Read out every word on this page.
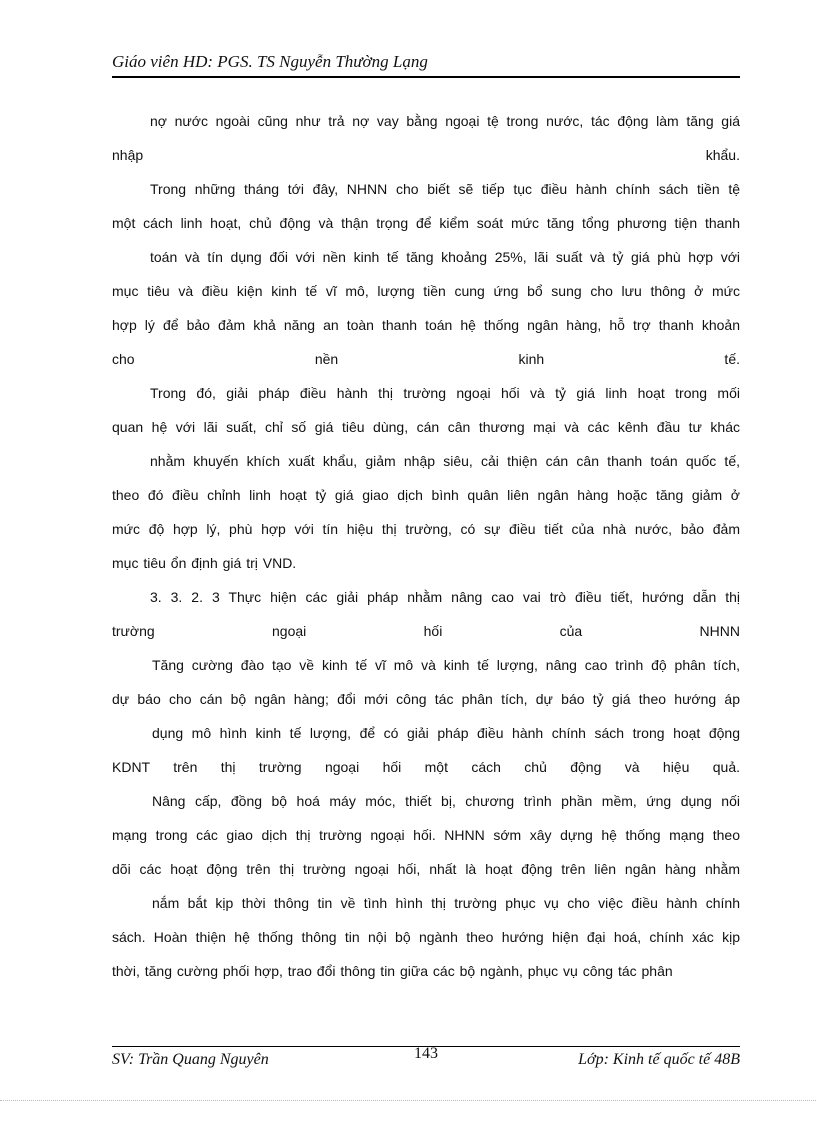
Giáo viên HD: PGS. TS Nguyễn Thường Lạng

nợ nước ngoài cũng như trả nợ vay bằng ngoại tệ trong nước, tác động làm tăng giá

nhập khẩu.

Trong những tháng tới đây, NHNN cho biết sẽ tiếp tục điều hành chính sách tiền tệ

một cách linh hoạt, chủ động và thận trọng để kiểm soát mức tăng tổng phương tiện thanh

toán và tín dụng đối với nền kinh tế tăng khoảng 25%, lãi suất và tỷ giá phù hợp với

mục tiêu và điều kiện kinh tế vĩ mô, lượng tiền cung ứng bổ sung cho lưu thông ở mức

hợp lý để bảo đảm khả năng an toàn thanh toán hệ thống ngân hàng, hỗ trợ thanh khoản

cho nền kinh tế.

Trong đó, giải pháp điều hành thị trường ngoại hối và tỷ giá linh hoạt trong mối

quan hệ với lãi suất, chỉ số giá tiêu dùng, cán cân thương mại và các kênh đầu tư khác

nhằm khuyến khích xuất khẩu, giảm nhập siêu, cải thiện cán cân thanh toán quốc tế,

theo đó điều chỉnh linh hoạt tỷ giá giao dịch bình quân liên ngân hàng hoặc tăng giảm ở

mức độ hợp lý, phù hợp với tín hiệu thị trường, có sự điều tiết của nhà nước, bảo đảm

mục tiêu ổn định giá trị VND.

3. 3. 2. 3 Thực hiện các giải pháp nhằm nâng cao vai trò điều tiết, hướng dẫn thị

trường ngoại hối của NHNN

Tăng cường đào tạo về kinh tế vĩ mô và kinh tế lượng, nâng cao trình độ phân tích,

dự báo cho cán bộ ngân hàng; đổi mới công tác phân tích, dự báo tỷ giá theo hướng áp

dụng mô hình kinh tế lượng, để có giải pháp điều hành chính sách trong hoạt động

KDNT trên thị trường ngoại hối một cách chủ động và hiệu quả.

Nâng cấp, đồng bộ hoá máy móc, thiết bị, chương trình phần mềm, ứng dụng nối

mạng trong các giao dịch thị trường ngoại hối. NHNN sớm xây dựng hệ thống mạng theo

dõi các hoạt động trên thị trường ngoại hối, nhất là hoạt động trên liên ngân hàng nhằm

nắm bắt kịp thời thông tin về tình hình thị trường phục vụ cho việc điều hành chính

sách. Hoàn thiện hệ thống thông tin nội bộ ngành theo hướng hiện đại hoá, chính xác kịp

thời, tăng cường phối hợp, trao đổi thông tin giữa các bộ ngành, phục vụ công tác phân

SV: Trần Quang Nguyên	143	Lớp: Kinh tế quốc tế 48B
